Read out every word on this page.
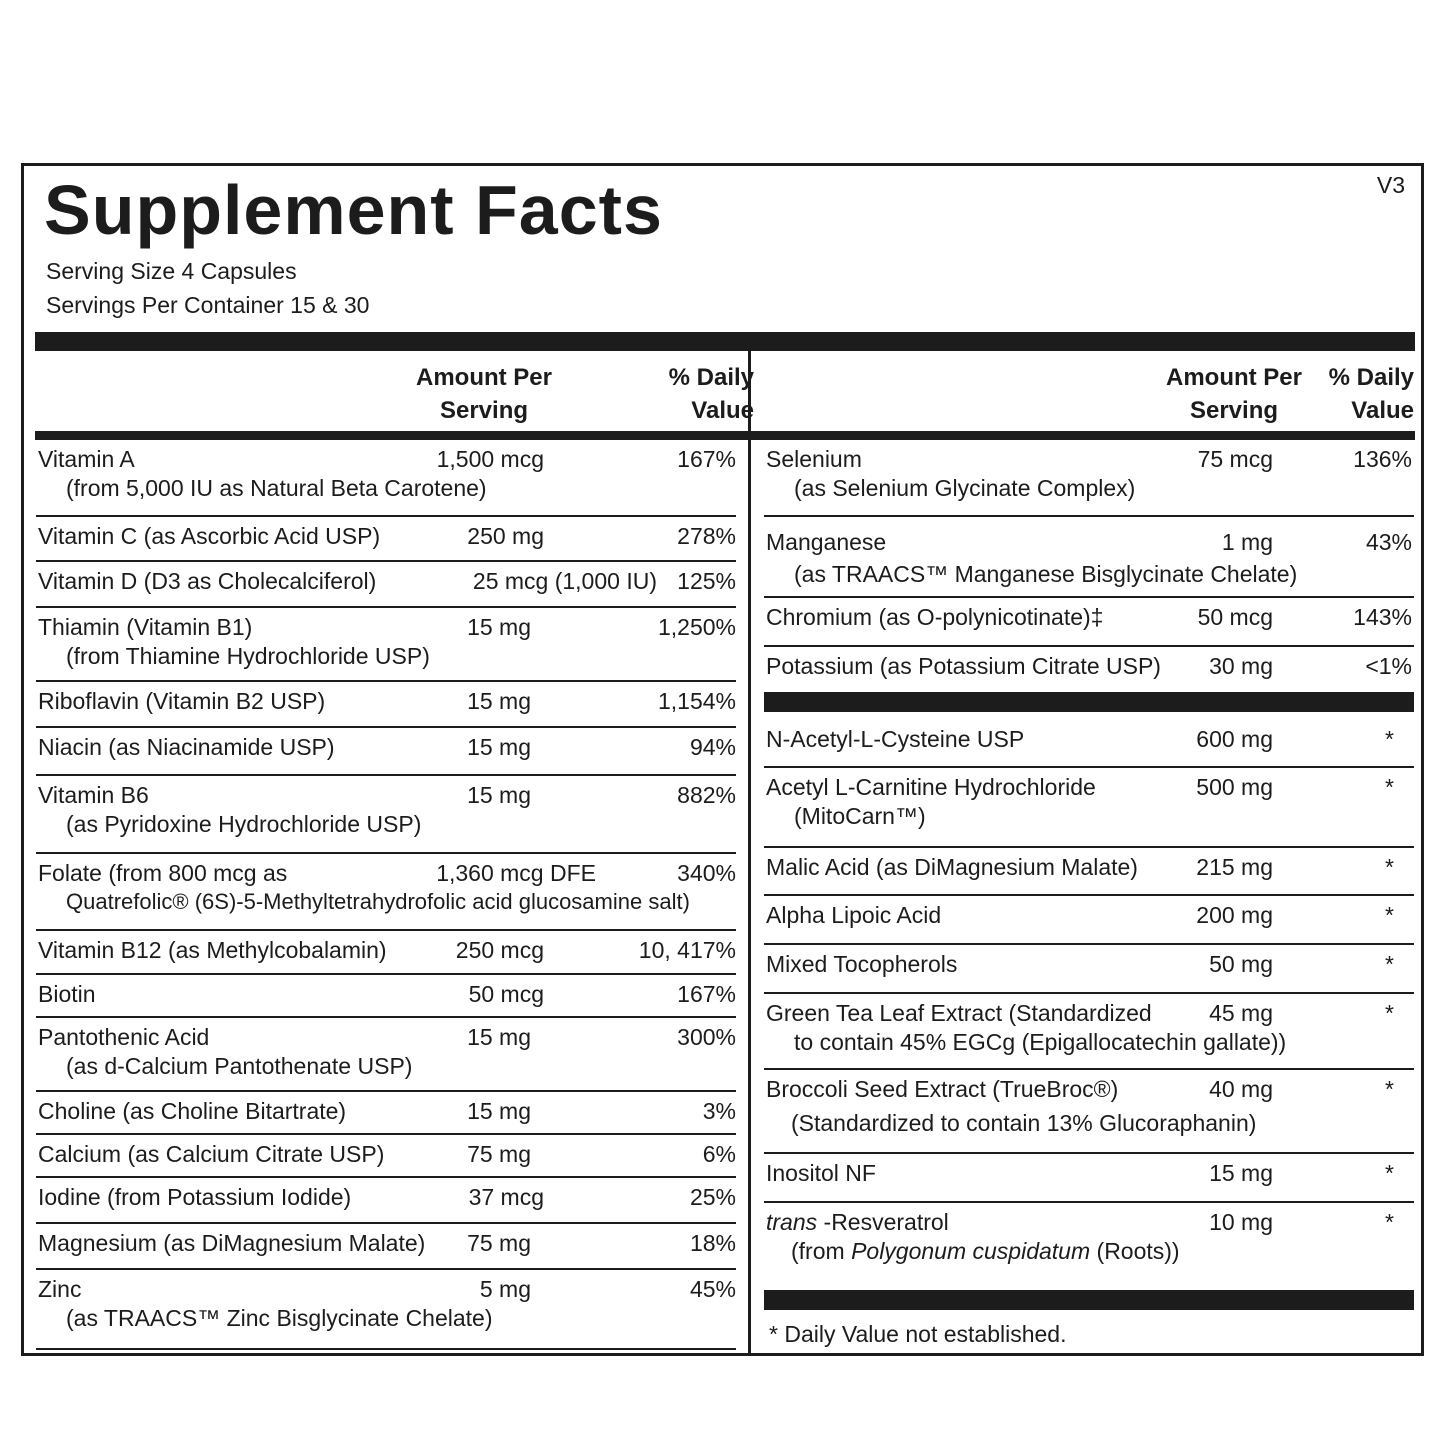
Supplement Facts	V3
Serving Size 4 Capsules
Servings Per Container 15 & 30
Amount Per
Serving
% Daily
Value
Amount Per
Serving
% Daily
Value
Vitamin A
(from 5,000 IU as Natural Beta Carotene)
1,500 mcg	167%
Vitamin C (as Ascorbic Acid USP)	250 mg	278%
Vitamin D (D3 as Cholecalciferol)	25 mcg (1,000 IU) 125%
Thiamin (Vitamin B1)
(from Thiamine Hydrochloride USP)
15 mg	1,250%
Riboflavin (Vitamin B2 USP)	15 mg	1,154%
Niacin (as Niacinamide USP)	15 mg	94%
Vitamin B6
(as Pyridoxine Hydrochloride USP)
15 mg	882%
Folate (from 800 mcg as
Quatrefolic® (6S)-5-Methyltetrahydrofolic acid glucosamine salt)
1,360 mcg DFE	340%
Vitamin B12 (as Methylcobalamin)	250 mcg	10, 417%
Biotin	50 mcg	167%
Pantothenic Acid
(as d-Calcium Pantothenate USP)
15 mg	300%
Choline (as Choline Bitartrate)	15 mg	3%
Calcium (as Calcium Citrate USP)	75 mg	6%
Iodine (from Potassium Iodide)	37 mcg	25%
Magnesium (as DiMagnesium Malate) 75 mg	18%
Zinc
(as TRAACS™ Zinc Bisglycinate Chelate)
5 mg	45%
Selenium
(as Selenium Glycinate Complex)
75 mcg	136%
Manganese
(as TRAACS™ Manganese Bisglycinate Chelate)
1 mg	43%
Chromium (as O-polynicotinate)‡	50 mcg	143%
Potassium (as Potassium Citrate USP) 30 mg	<1%
N-Acetyl-L-Cysteine USP	600 mg	*
Acetyl L-Carnitine Hydrochloride
(MitoCarn™)
500 mg	*
Malic Acid (as DiMagnesium Malate)	215 mg	*
Alpha Lipoic Acid	200 mg	*
Mixed Tocopherols	50 mg	*
Green Tea Leaf Extract (Standardized
to contain 45% EGCg (Epigallocatechin gallate))
45 mg	*
Broccoli Seed Extract (TrueBroc®)
(Standardized to contain 13% Glucoraphanin)
40 mg	*
Inositol NF	15 mg	*
trans -Resveratrol
(from Polygonum cuspidatum (Roots))
10 mg	*
* Daily Value not established.
